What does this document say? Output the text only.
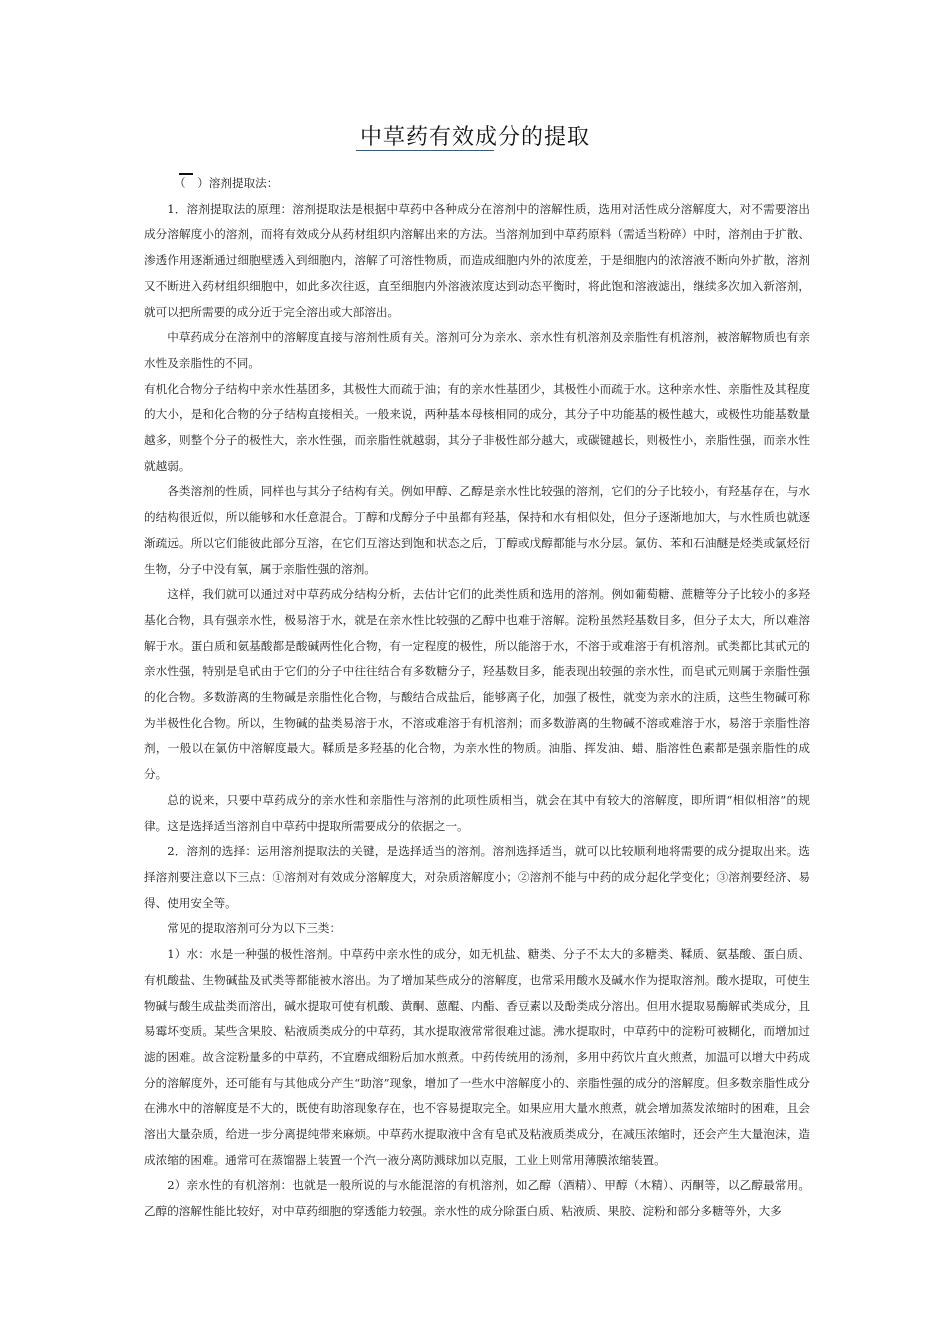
中草药有效成分的提取

（　）溶剂提取法：

1．溶剂提取法的原理：溶剂提取法是根据中草药中各种成分在溶剂中的溶解性质，选用对活性成分溶解度大，对不需要溶出成分溶解度小的溶剂，而将有效成分从药材组织内溶解出来的方法。当溶剂加到中草药原料（需适当粉碎）中时，溶剂由于扩散、渗透作用逐渐通过细胞壁透入到细胞内，溶解了可溶性物质，而造成细胞内外的浓度差，于是细胞内的浓溶液不断向外扩散，溶剂又不断进入药材组织细胞中，如此多次往返，直至细胞内外溶液浓度达到动态平衡时，将此饱和溶液滤出，继续多次加入新溶剂，就可以把所需要的成分近于完全溶出或大部溶出。

中草药成分在溶剂中的溶解度直接与溶剂性质有关。溶剂可分为亲水、亲水性有机溶剂及亲脂性有机溶剂，被溶解物质也有亲水性及亲脂性的不同。

有机化合物分子结构中亲水性基团多，其极性大而疏于油；有的亲水性基团少，其极性小而疏于水。这种亲水性、亲脂性及其程度的大小，是和化合物的分子结构直接相关。一般来说，两种基本母核相同的成分，其分子中功能基的极性越大，或极性功能基数量越多，则整个分子的极性大，亲水性强，而亲脂性就越弱，其分子非极性部分越大，或碳键越长，则极性小，亲脂性强，而亲水性就越弱。

各类溶剂的性质，同样也与其分子结构有关。例如甲醇、乙醇是亲水性比较强的溶剂，它们的分子比较小，有羟基存在，与水的结构很近似，所以能够和水任意混合。丁醇和戊醇分子中虽都有羟基，保持和水有相似处，但分子逐渐地加大，与水性质也就逐渐疏远。所以它们能彼此部分互溶，在它们互溶达到饱和状态之后，丁醇或戊醇都能与水分层。氯仿、苯和石油醚是烃类或氯烃衍生物，分子中没有氧，属于亲脂性强的溶剂。

这样，我们就可以通过对中草药成分结构分析，去估计它们的此类性质和选用的溶剂。例如葡萄糖、蔗糖等分子比较小的多羟基化合物，具有强亲水性，极易溶于水，就是在亲水性比较强的乙醇中也难于溶解。淀粉虽然羟基数目多，但分子太大，所以难溶解于水。蛋白质和氨基酸都是酸碱两性化合物，有一定程度的极性，所以能溶于水，不溶于或难溶于有机溶剂。甙类都比其甙元的亲水性强，特别是皂甙由于它们的分子中往往结合有多数糖分子，羟基数目多，能表现出较强的亲水性，而皂甙元则属于亲脂性强的化合物。多数游离的生物碱是亲脂性化合物，与酸结合成盐后，能够离子化，加强了极性，就变为亲水的注质，这些生物碱可称为半极性化合物。所以，生物碱的盐类易溶于水，不溶或难溶于有机溶剂；而多数游离的生物碱不溶或难溶于水，易溶于亲脂性溶剂，一般以在氯仿中溶解度最大。鞣质是多羟基的化合物，为亲水性的物质。油脂、挥发油、蜡、脂溶性色素都是强亲脂性的成分。

总的说来，只要中草药成分的亲水性和亲脂性与溶剂的此项性质相当，就会在其中有较大的溶解度，即所谓“相似相溶”的规律。这是选择适当溶剂自中草药中提取所需要成分的依据之一。

2．溶剂的选择：运用溶剂提取法的关键，是选择适当的溶剂。溶剂选择适当，就可以比较顺利地将需要的成分提取出来。选择溶剂要注意以下三点：①溶剂对有效成分溶解度大，对杂质溶解度小；②溶剂不能与中药的成分起化学变化；③溶剂要经济、易得、使用安全等。

常见的提取溶剂可分为以下三类：

1）水：水是一种强的极性溶剂。中草药中亲水性的成分，如无机盐、糖类、分子不太大的多糖类、鞣质、氨基酸、蛋白质、有机酸盐、生物碱盐及甙类等都能被水溶出。为了增加某些成分的溶解度，也常采用酸水及碱水作为提取溶剂。酸水提取，可使生物碱与酸生成盐类而溶出，碱水提取可使有机酸、黄酮、蒽醌、内酯、香豆素以及酚类成分溶出。但用水提取易酶解甙类成分，且易霉坏变质。某些含果胶、粘液质类成分的中草药，其水提取液常常很难过滤。沸水提取时，中草药中的淀粉可被糊化，而增加过滤的困难。故含淀粉量多的中草药，不宜磨成细粉后加水煎煮。中药传统用的汤剂，多用中药饮片直火煎煮，加温可以增大中药成分的溶解度外，还可能有与其他成分产生“助溶”现象，增加了一些水中溶解度小的、亲脂性强的成分的溶解度。但多数亲脂性成分在沸水中的溶解度是不大的，既使有助溶现象存在，也不容易提取完全。如果应用大量水煎煮，就会增加蒸发浓缩时的困难，且会溶出大量杂质，给进一步分离提纯带来麻烦。中草药水提取液中含有皂甙及粘液质类成分，在减压浓缩时，还会产生大量泡沫，造成浓缩的困难。通常可在蒸馏器上装置一个汽一液分离防溅球加以克服，工业上则常用薄膜浓缩装置。

2）亲水性的有机溶剂：也就是一般所说的与水能混溶的有机溶剂，如乙醇（酒精）、甲醇（木精）、丙酮等，以乙醇最常用。乙醇的溶解性能比较好，对中草药细胞的穿透能力较强。亲水性的成分除蛋白质、粘液质、果胶、淀粉和部分多糖等外，大多
